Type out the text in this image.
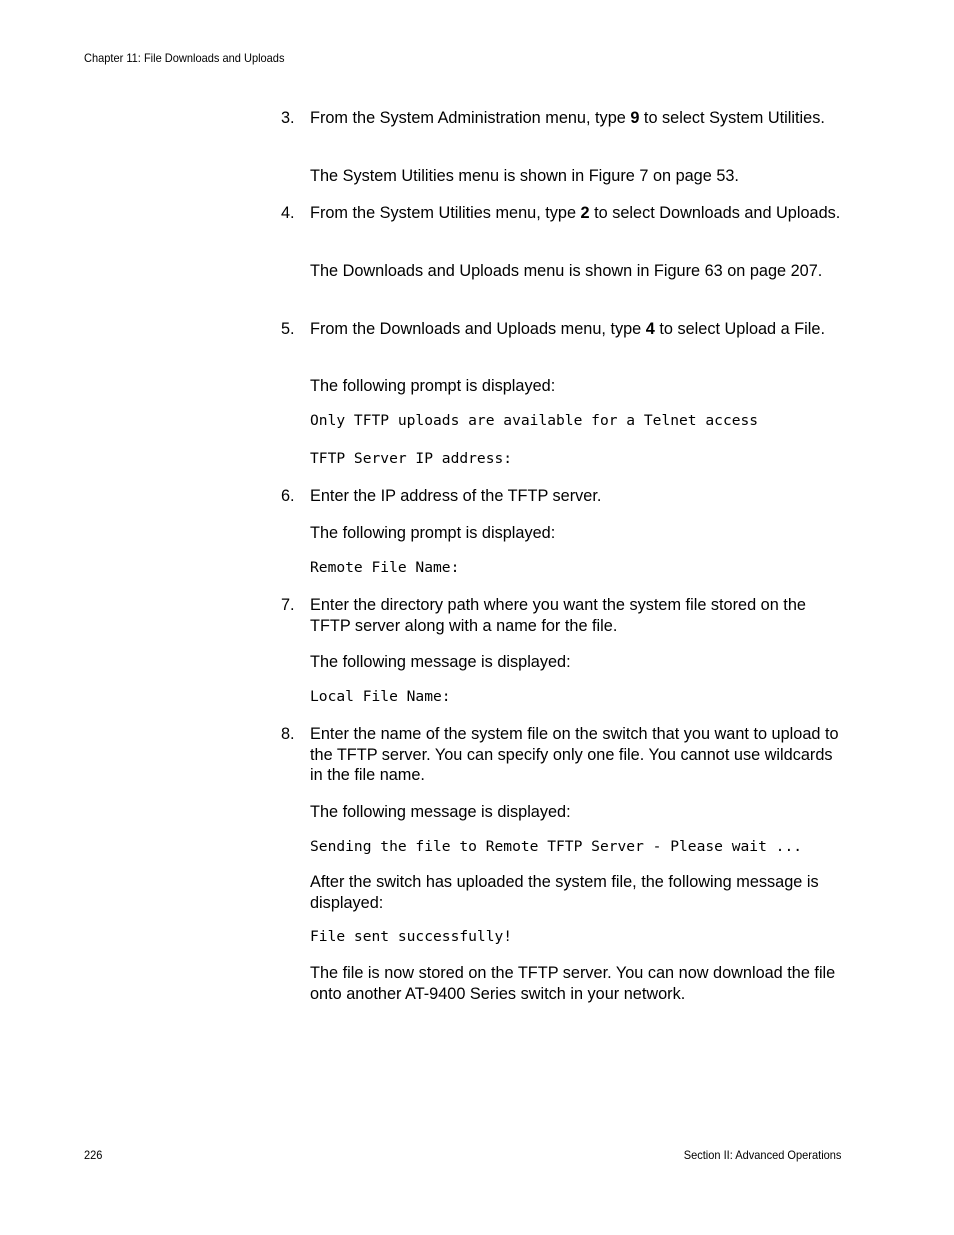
Chapter 11: File Downloads and Uploads
3. From the System Administration menu, type 9 to select System Utilities.
The System Utilities menu is shown in Figure 7 on page 53.
4. From the System Utilities menu, type 2 to select Downloads and Uploads.
The Downloads and Uploads menu is shown in Figure 63 on page 207.
5. From the Downloads and Uploads menu, type 4 to select Upload a File.
The following prompt is displayed:
Only TFTP uploads are available for a Telnet access
TFTP Server IP address:
6. Enter the IP address of the TFTP server.
The following prompt is displayed:
Remote File Name:
7. Enter the directory path where you want the system file stored on the TFTP server along with a name for the file.
The following message is displayed:
Local File Name:
8. Enter the name of the system file on the switch that you want to upload to the TFTP server. You can specify only one file. You cannot use wildcards in the file name.
The following message is displayed:
Sending the file to Remote TFTP Server - Please wait ...
After the switch has uploaded the system file, the following message is displayed:
File sent successfully!
The file is now stored on the TFTP server. You can now download the file onto another AT-9400 Series switch in your network.
226	Section II: Advanced Operations
